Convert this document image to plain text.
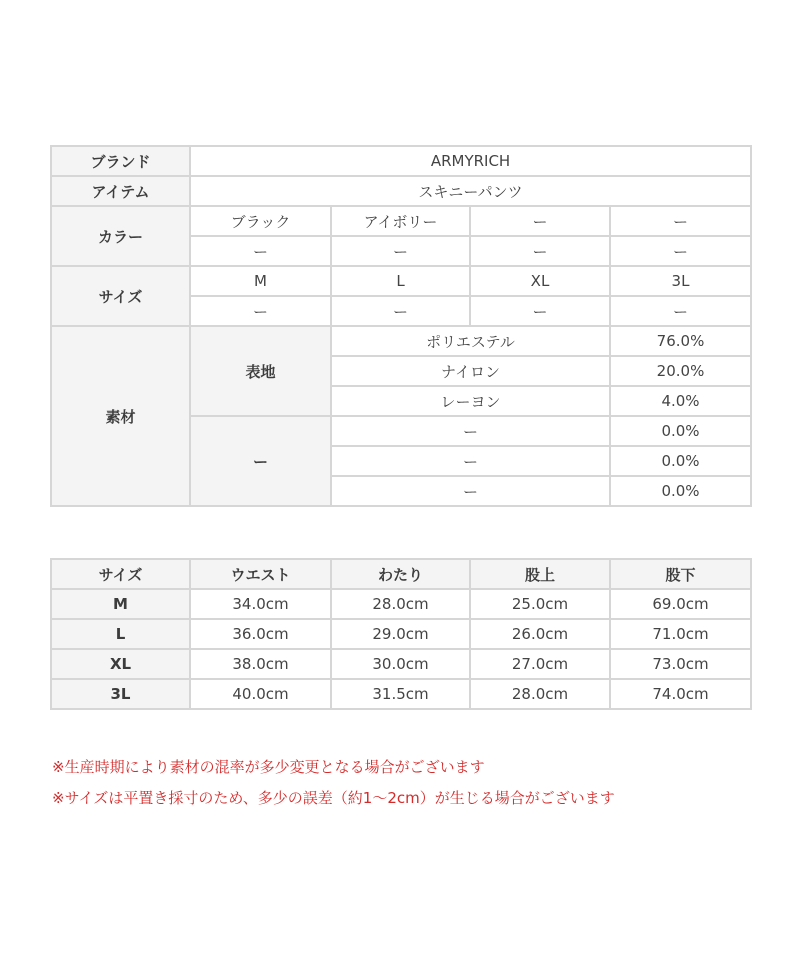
ブランド	ARMYRICH			
アイテム	スキニーパンツ			
カラー	ブラック	アイボリー	ー	ー
	ー	ー	ー	ー
サイズ	M	L	XL	3L
	ー	ー	ー	ー
素材	表地	ポリエステル		76.0%
		ナイロン		20.0%
		レーヨン		4.0%
	ー	ー		0.0%
		ー		0.0%
		ー		0.0%
サイズ	ウエスト	わたり	股上	股下
M	34.0cm	28.0cm	25.0cm	69.0cm
L	36.0cm	29.0cm	26.0cm	71.0cm
XL	38.0cm	30.0cm	27.0cm	73.0cm
3L	40.0cm	31.5cm	28.0cm	74.0cm
※生産時期により素材の混率が多少変更となる場合がございます
※サイズは平置き採寸のため、多少の誤差（約1～2cm）が生じる場合がございます
